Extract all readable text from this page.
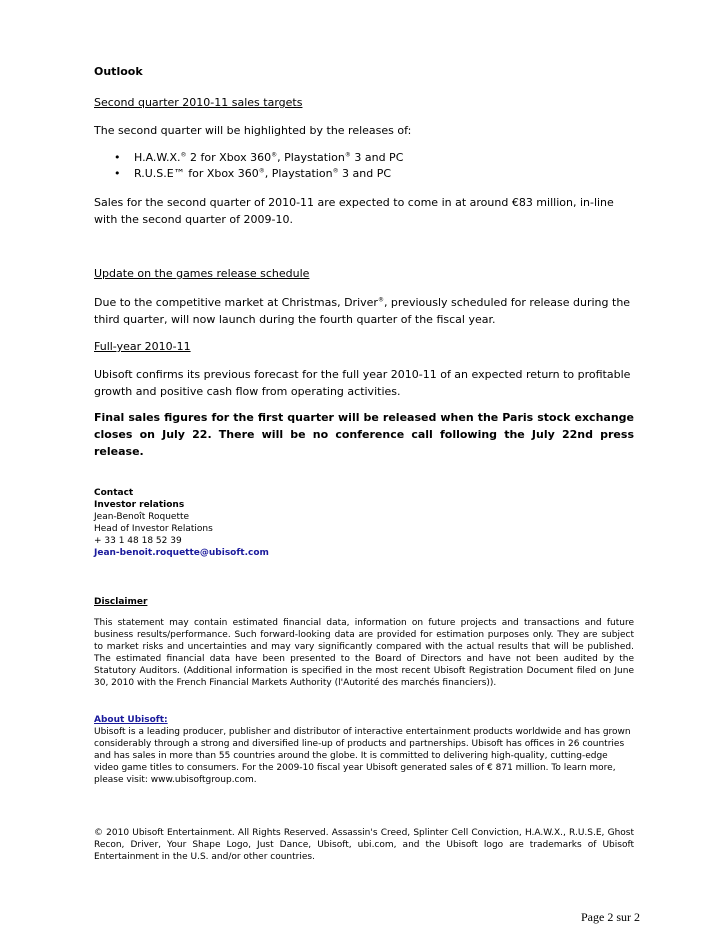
Outlook

Second quarter 2010-11 sales targets

The second quarter will be highlighted by the releases of:

• H.A.W.X.® 2 for Xbox 360®, Playstation® 3 and PC
• R.U.S.E™ for Xbox 360®, Playstation® 3 and PC

Sales for the second quarter of 2010-11 are expected to come in at around €83 million, in-line with the second quarter of 2009-10.

Update on the games release schedule

Due to the competitive market at Christmas, Driver®, previously scheduled for release during the third quarter, will now launch during the fourth quarter of the fiscal year.

Full-year 2010-11

Ubisoft confirms its previous forecast for the full year 2010-11 of an expected return to profitable growth and positive cash flow from operating activities.

Final sales figures for the first quarter will be released when the Paris stock exchange closes on July 22. There will be no conference call following the July 22nd press release.

Contact
Investor relations
Jean-Benoît Roquette
Head of Investor Relations
+ 33 1 48 18 52 39
Jean-benoit.roquette@ubisoft.com

Disclaimer

This statement may contain estimated financial data, information on future projects and transactions and future business results/performance. Such forward-looking data are provided for estimation purposes only. They are subject to market risks and uncertainties and may vary significantly compared with the actual results that will be published. The estimated financial data have been presented to the Board of Directors and have not been audited by the Statutory Auditors. (Additional information is specified in the most recent Ubisoft Registration Document filed on June 30, 2010 with the French Financial Markets Authority (l'Autorité des marchés financiers)).

About Ubisoft:

Ubisoft is a leading producer, publisher and distributor of interactive entertainment products worldwide and has grown considerably through a strong and diversified line-up of products and partnerships. Ubisoft has offices in 26 countries and has sales in more than 55 countries around the globe. It is committed to delivering high-quality, cutting-edge video game titles to consumers. For the 2009-10 fiscal year Ubisoft generated sales of € 871 million. To learn more, please visit: www.ubisoftgroup.com.

© 2010 Ubisoft Entertainment. All Rights Reserved. Assassin's Creed, Splinter Cell Conviction, H.A.W.X., R.U.S.E, Ghost Recon, Driver, Your Shape Logo, Just Dance, Ubisoft, ubi.com, and the Ubisoft logo are trademarks of Ubisoft Entertainment in the U.S. and/or other countries.

Page 2 sur 2
